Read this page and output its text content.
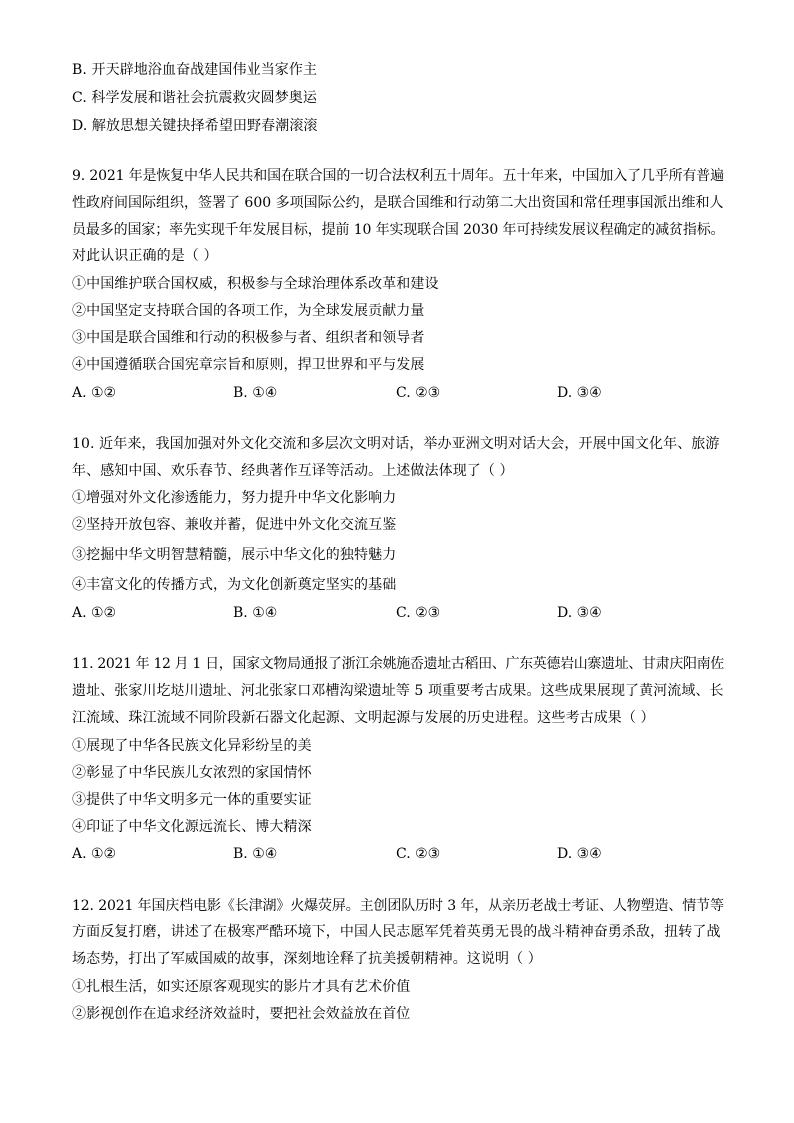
B. 开天辟地浴血奋战建国伟业当家作主
C. 科学发展和谐社会抗震救灾圆梦奥运
D. 解放思想关键抉择希望田野春潮滚滚
9. 2021 年是恢复中华人民共和国在联合国的一切合法权利五十周年。五十年来，中国加入了几乎所有普遍
性政府间国际组织，签署了 600 多项国际公约，是联合国维和行动第二大出资国和常任理事国派出维和人
员最多的国家；率先实现千年发展目标，提前 10 年实现联合国 2030 年可持续发展议程确定的减贫指标。
对此认识正确的是（ ）
①中国维护联合国权威，积极参与全球治理体系改革和建设
②中国坚定支持联合国的各项工作，为全球发展贡献力量
③中国是联合国维和行动的积极参与者、组织者和领导者
④中国遵循联合国宪章宗旨和原则，捍卫世界和平与发展
A. ①②	B. ①④	C. ②③	D. ③④
10. 近年来，我国加强对外文化交流和多层次文明对话，举办亚洲文明对话大会，开展中国文化年、旅游
年、感知中国、欢乐春节、经典著作互译等活动。上述做法体现了（ ）
①增强对外文化渗透能力，努力提升中华文化影响力
②坚持开放包容、兼收并蓄，促进中外文化交流互鉴
③挖掘中华文明智慧精髓，展示中华文化的独特魅力
④丰富文化的传播方式，为文化创新奠定坚实的基础
A. ①②	B. ①④	C. ②③	D. ③④
11. 2021 年 12 月 1 日，国家文物局通报了浙江余姚施岙遗址古稻田、广东英德岩山寨遗址、甘肃庆阳南佐
遗址、张家川圪垯川遗址、河北张家口邓槽沟梁遗址等 5 项重要考古成果。这些成果展现了黄河流域、长
江流域、珠江流域不同阶段新石器文化起源、文明起源与发展的历史进程。这些考古成果（ ）
①展现了中华各民族文化异彩纷呈的美
②彰显了中华民族儿女浓烈的家国情怀
③提供了中华文明多元一体的重要实证
④印证了中华文化源远流长、博大精深
A. ①②	B. ①④	C. ②③	D. ③④
12. 2021 年国庆档电影《长津湖》火爆荧屏。主创团队历时 3 年，从亲历老战士考证、人物塑造、情节等
方面反复打磨，讲述了在极寒严酷环境下，中国人民志愿军凭着英勇无畏的战斗精神奋勇杀敌，扭转了战
场态势，打出了军威国威的故事，深刻地诠释了抗美援朝精神。这说明（ ）
①扎根生活，如实还原客观现实的影片才具有艺术价值
②影视创作在追求经济效益时，要把社会效益放在首位
